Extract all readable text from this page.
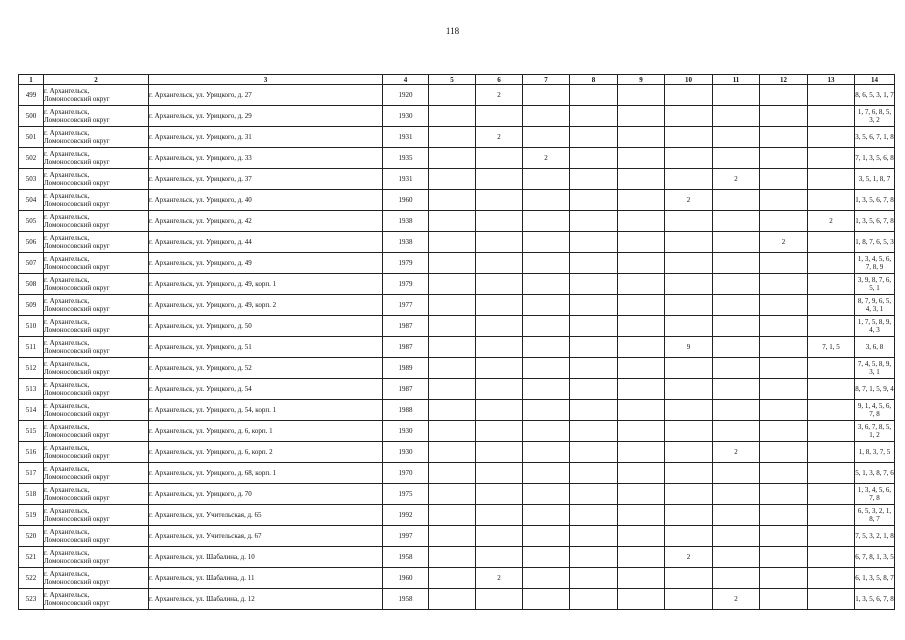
118
1	2	3	4	5	6	7	8	9	10	11	12	13	14
499	г. Архангельск,
Ломоносовский округ	г. Архангельск, ул. Урицкого, д. 27	1920		2								8, 6, 5, 3, 1, 7
500	г. Архангельск,
Ломоносовский округ	г. Архангельск, ул. Урицкого, д. 29	1930										1, 7, 6, 8, 5, 3, 2
501	г. Архангельск,
Ломоносовский округ	г. Архангельск, ул. Урицкого, д. 31	1931		2								3, 5, 6, 7, 1, 8
502	г. Архангельск,
Ломоносовский округ	г. Архангельск, ул. Урицкого, д. 33	1935			2							7, 1, 3, 5, 6, 8
503	г. Архангельск,
Ломоносовский округ	г. Архангельск, ул. Урицкого, д. 37	1931							2			3, 5, 1, 8, 7
504	г. Архангельск,
Ломоносовский округ	г. Архангельск, ул. Урицкого, д. 40	1960						2				1, 3, 5, 6, 7, 8
505	г. Архангельск,
Ломоносовский округ	г. Архангельск, ул. Урицкого, д. 42	1938									2	1, 3, 5, 6, 7, 8
506	г. Архангельск,
Ломоносовский округ	г. Архангельск, ул. Урицкого, д. 44	1938								2		1, 8, 7, 6, 5, 3
507	г. Архангельск,
Ломоносовский округ	г. Архангельск, ул. Урицкого, д. 49	1979										1, 3, 4, 5, 6, 7, 8, 9
508	г. Архангельск,
Ломоносовский округ	г. Архангельск, ул. Урицкого, д. 49, корп. 1	1979										3, 9, 8, 7, 6, 5, 1
509	г. Архангельск,
Ломоносовский округ	г. Архангельск, ул. Урицкого, д. 49, корп. 2	1977										8, 7, 9, 6, 5, 4, 3, 1
510	г. Архангельск,
Ломоносовский округ	г. Архангельск, ул. Урицкого, д. 50	1987										1, 7, 5, 8, 9, 4, 3
511	г. Архангельск,
Ломоносовский округ	г. Архангельск, ул. Урицкого, д. 51	1987						9			7, 1, 5	3, 6, 8
512	г. Архангельск,
Ломоносовский округ	г. Архангельск, ул. Урицкого, д. 52	1989										7, 4, 5, 8, 9, 3, 1
513	г. Архангельск,
Ломоносовский округ	г. Архангельск, ул. Урицкого, д. 54	1987										8, 7, 1, 5, 9, 4
514	г. Архангельск,
Ломоносовский округ	г. Архангельск, ул. Урицкого, д. 54, корп. 1	1988										9, 1, 4, 5, 6, 7, 8
515	г. Архангельск,
Ломоносовский округ	г. Архангельск, ул. Урицкого, д. 6, корп. 1	1930										3, 6, 7, 8, 5, 1, 2
516	г. Архангельск,
Ломоносовский округ	г. Архангельск, ул. Урицкого, д. 6, корп. 2	1930							2			1, 8, 3, 7, 5
517	г. Архангельск,
Ломоносовский округ	г. Архангельск, ул. Урицкого, д. 68, корп. 1	1970										5, 1, 3, 8, 7, 6
518	г. Архангельск,
Ломоносовский округ	г. Архангельск, ул. Урицкого, д. 70	1975										1, 3, 4, 5, 6, 7, 8
519	г. Архангельск,
Ломоносовский округ	г. Архангельск, ул. Учительская, д. 65	1992										6, 5, 3, 2, 1, 8, 7
520	г. Архангельск,
Ломоносовский округ	г. Архангельск, ул. Учительская, д. 67	1997										7, 5, 3, 2, 1, 8
521	г. Архангельск,
Ломоносовский округ	г. Архангельск, ул. Шабалина, д. 10	1958						2				6, 7, 8, 1, 3, 5
522	г. Архангельск,
Ломоносовский округ	г. Архангельск, ул. Шабалина, д. 11	1960		2								6, 1, 3, 5, 8, 7
523	г. Архангельск,
Ломоносовский округ	г. Архангельск, ул. Шабалина, д. 12	1958							2			1, 3, 5, 6, 7, 8
